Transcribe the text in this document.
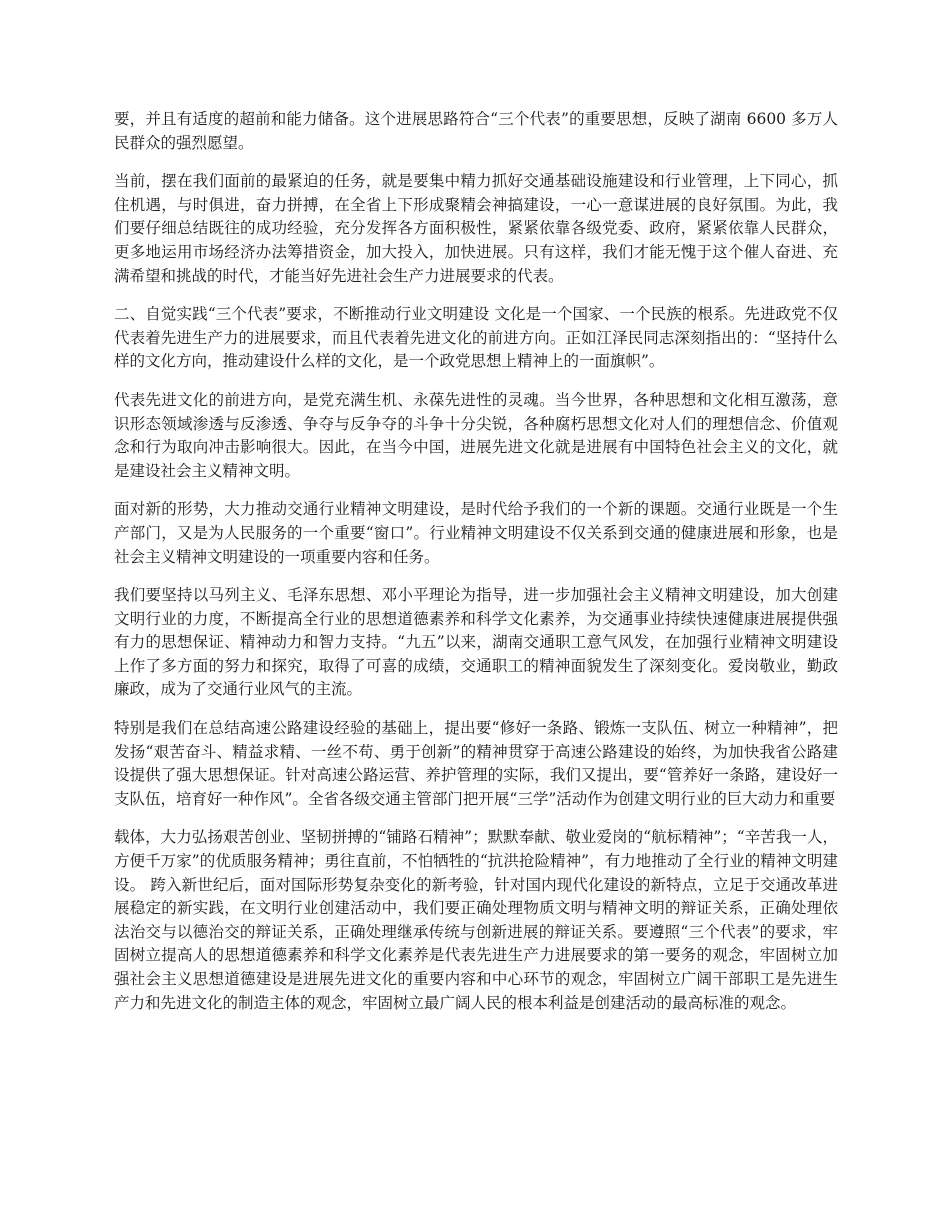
要，并且有适度的超前和能力储备。这个进展思路符合“三个代表”的重要思想，反映了湖南 6600 多万人民群众的强烈愿望。

当前，摆在我们面前的最紧迫的任务，就是要集中精力抓好交通基础设施建设和行业管理，上下同心，抓住机遇，与时俱进，奋力拼搏，在全省上下形成聚精会神搞建设，一心一意谋进展的良好氛围。为此，我们要仔细总结既往的成功经验，充分发挥各方面积极性，紧紧依靠各级党委、政府，紧紧依靠人民群众，更多地运用市场经济办法筹措资金，加大投入，加快进展。只有这样，我们才能无愧于这个催人奋进、充满希望和挑战的时代，才能当好先进社会生产力进展要求的代表。

二、自觉实践“三个代表”要求，不断推动行业文明建设 文化是一个国家、一个民族的根系。先进政党不仅代表着先进生产力的进展要求，而且代表着先进文化的前进方向。正如江泽民同志深刻指出的：“坚持什么样的文化方向，推动建设什么样的文化，是一个政党思想上精神上的一面旗帜”。

代表先进文化的前进方向，是党充满生机、永葆先进性的灵魂。当今世界，各种思想和文化相互激荡，意识形态领域渗透与反渗透、争夺与反争夺的斗争十分尖锐，各种腐朽思想文化对人们的理想信念、价值观念和行为取向冲击影响很大。因此，在当今中国，进展先进文化就是进展有中国特色社会主义的文化，就是建设社会主义精神文明。

面对新的形势，大力推动交通行业精神文明建设，是时代给予我们的一个新的课题。交通行业既是一个生产部门，又是为人民服务的一个重要“窗口”。行业精神文明建设不仅关系到交通的健康进展和形象，也是社会主义精神文明建设的一项重要内容和任务。

我们要坚持以马列主义、毛泽东思想、邓小平理论为指导，进一步加强社会主义精神文明建设，加大创建文明行业的力度，不断提高全行业的思想道德素养和科学文化素养，为交通事业持续快速健康进展提供强有力的思想保证、精神动力和智力支持。“九五”以来，湖南交通职工意气风发，在加强行业精神文明建设上作了多方面的努力和探究，取得了可喜的成绩，交通职工的精神面貌发生了深刻变化。爱岗敬业，勤政廉政，成为了交通行业风气的主流。

特别是我们在总结高速公路建设经验的基础上，提出要“修好一条路、锻炼一支队伍、树立一种精神”，把发扬“艰苦奋斗、精益求精、一丝不苟、勇于创新”的精神贯穿于高速公路建设的始终，为加快我省公路建设提供了强大思想保证。针对高速公路运营、养护管理的实际，我们又提出，要“管养好一条路，建设好一支队伍，培育好一种作风”。全省各级交通主管部门把开展“三学”活动作为创建文明行业的巨大动力和重要

载体，大力弘扬艰苦创业、坚韧拼搏的“铺路石精神”；默默奉献、敬业爱岗的“航标精神”；“辛苦我一人，方便千万家”的优质服务精神；勇往直前，不怕牺牲的“抗洪抢险精神”，有力地推动了全行业的精神文明建设。 跨入新世纪后，面对国际形势复杂变化的新考验，针对国内现代化建设的新特点，立足于交通改革进展稳定的新实践，在文明行业创建活动中，我们要正确处理物质文明与精神文明的辩证关系，正确处理依法治交与以德治交的辩证关系，正确处理继承传统与创新进展的辩证关系。要遵照“三个代表”的要求，牢固树立提高人的思想道德素养和科学文化素养是代表先进生产力进展要求的第一要务的观念，牢固树立加强社会主义思想道德建设是进展先进文化的重要内容和中心环节的观念，牢固树立广阔干部职工是先进生产力和先进文化的制造主体的观念，牢固树立最广阔人民的根本利益是创建活动的最高标准的观念。
